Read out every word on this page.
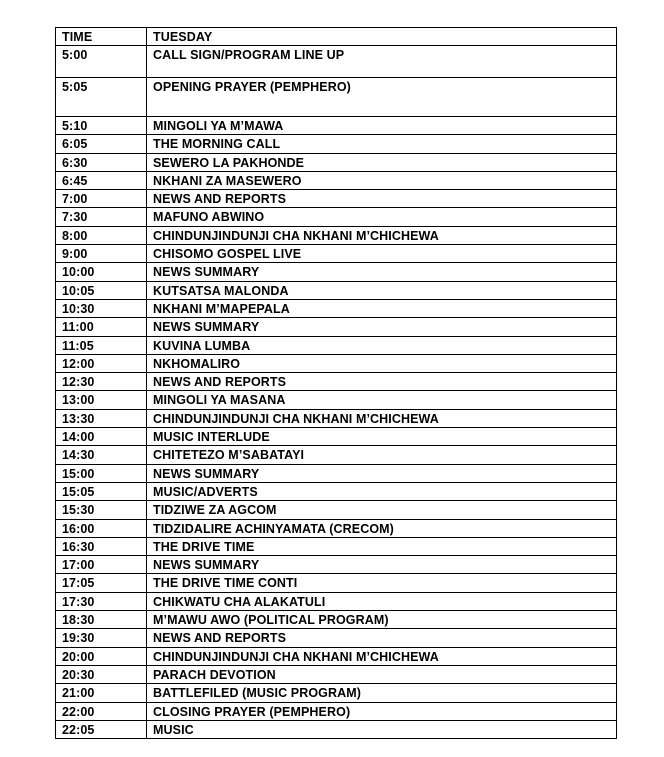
TIME	TUESDAY
5:00	CALL SIGN/PROGRAM LINE UP
5:05	OPENING PRAYER (PEMPHERO)
5:10	MINGOLI YA M’MAWA
6:05	THE MORNING CALL
6:30	SEWERO LA PAKHONDE
6:45	NKHANI ZA MASEWERO
7:00	NEWS AND REPORTS
7:30	MAFUNO ABWINO
8:00	CHINDUNJINDUNJI CHA NKHANI M’CHICHEWA
9:00	CHISOMO GOSPEL LIVE
10:00	NEWS SUMMARY
10:05	KUTSATSA MALONDA
10:30	NKHANI M’MAPEPALA
11:00	NEWS SUMMARY
11:05	KUVINA LUMBA
12:00	NKHOMALIRO
12:30	NEWS AND REPORTS
13:00	MINGOLI YA MASANA
13:30	CHINDUNJINDUNJI CHA NKHANI M’CHICHEWA
14:00	MUSIC INTERLUDE
14:30	CHITETEZO M’SABATAYI
15:00	NEWS SUMMARY
15:05	MUSIC/ADVERTS
15:30	TIDZIWE ZA AGCOM
16:00	TIDZIDALIRE ACHINYAMATA (CRECOM)
16:30	THE DRIVE TIME
17:00	NEWS SUMMARY
17:05	THE DRIVE TIME CONTI
17:30	CHIKWATU CHA ALAKATULI
18:30	M’MAWU AWO (POLITICAL PROGRAM)
19:30	NEWS AND REPORTS
20:00	CHINDUNJINDUNJI CHA NKHANI M’CHICHEWA
20:30	PARACH DEVOTION
21:00	BATTLEFILED (MUSIC PROGRAM)
22:00	CLOSING PRAYER (PEMPHERO)
22:05	MUSIC
